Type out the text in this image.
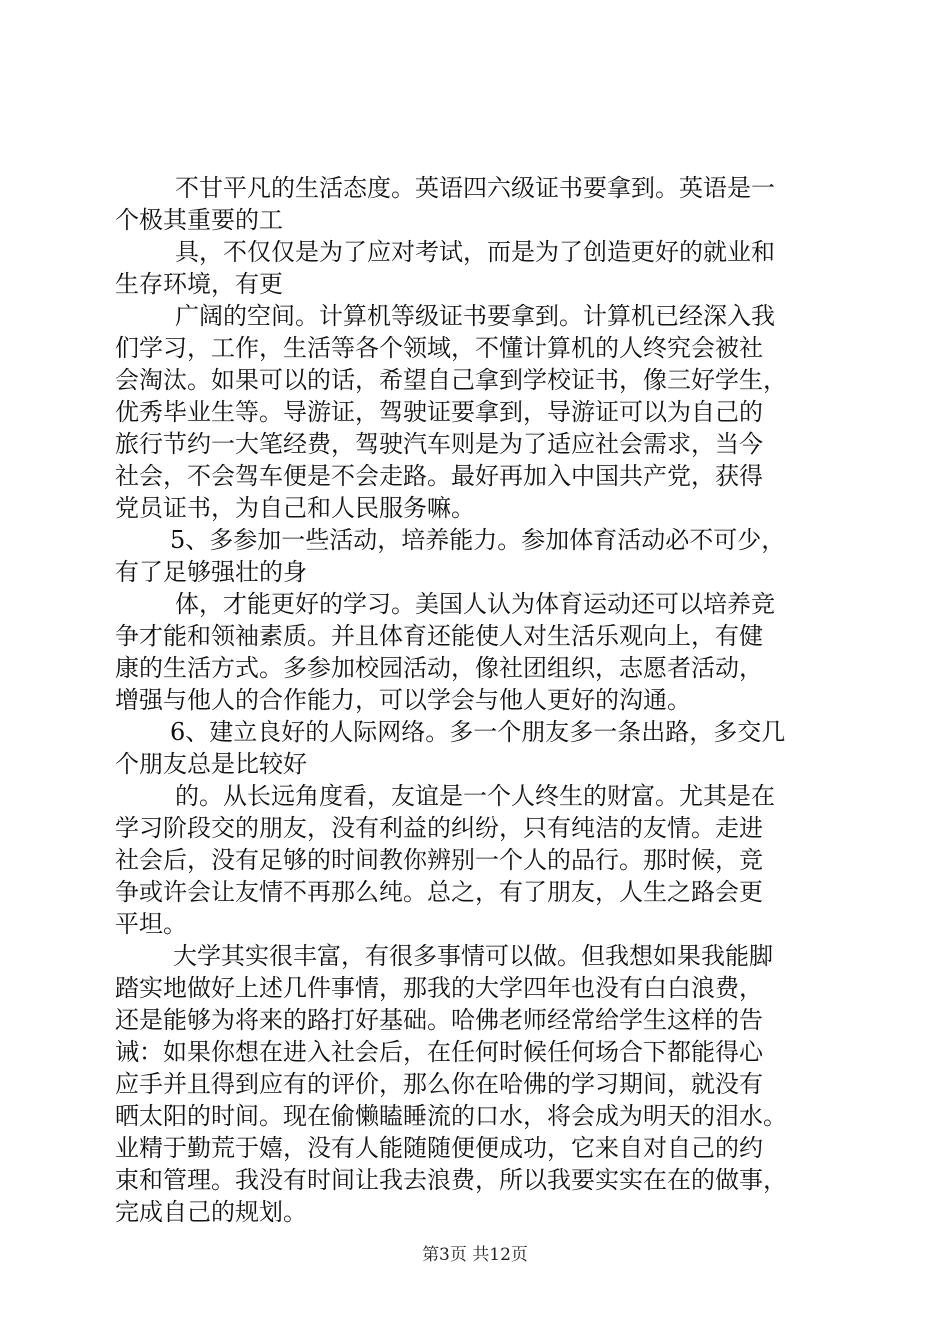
不甘平凡的生活态度。英语四六级证书要拿到。英语是一
个极其重要的工
具，不仅仅是为了应对考试，而是为了创造更好的就业和
生存环境，有更
广阔的空间。计算机等级证书要拿到。计算机已经深入我
们学习，工作，生活等各个领域，不懂计算机的人终究会被社
会淘汰。如果可以的话，希望自己拿到学校证书，像三好学生，
优秀毕业生等。导游证，驾驶证要拿到，导游证可以为自己的
旅行节约一大笔经费，驾驶汽车则是为了适应社会需求，当今
社会，不会驾车便是不会走路。最好再加入中国共产党，获得
党员证书，为自己和人民服务嘛。
5、多参加一些活动，培养能力。参加体育活动必不可少，
有了足够强壮的身
体，才能更好的学习。美国人认为体育运动还可以培养竞
争才能和领袖素质。并且体育还能使人对生活乐观向上，有健
康的生活方式。多参加校园活动，像社团组织，志愿者活动，
增强与他人的合作能力，可以学会与他人更好的沟通。
6、建立良好的人际网络。多一个朋友多一条出路，多交几
个朋友总是比较好
的。从长远角度看，友谊是一个人终生的财富。尤其是在
学习阶段交的朋友，没有利益的纠纷，只有纯洁的友情。走进
社会后，没有足够的时间教你辨别一个人的品行。那时候，竞
争或许会让友情不再那么纯。总之，有了朋友，人生之路会更
平坦。
大学其实很丰富，有很多事情可以做。但我想如果我能脚
踏实地做好上述几件事情，那我的大学四年也没有白白浪费，
还是能够为将来的路打好基础。哈佛老师经常给学生这样的告
诫：如果你想在进入社会后，在任何时候任何场合下都能得心
应手并且得到应有的评价，那么你在哈佛的学习期间，就没有
晒太阳的时间。现在偷懒瞌睡流的口水，将会成为明天的泪水。
业精于勤荒于嬉，没有人能随随便便成功，它来自对自己的约
束和管理。我没有时间让我去浪费，所以我要实实在在的做事，
完成自己的规划。
第3页 共12页
